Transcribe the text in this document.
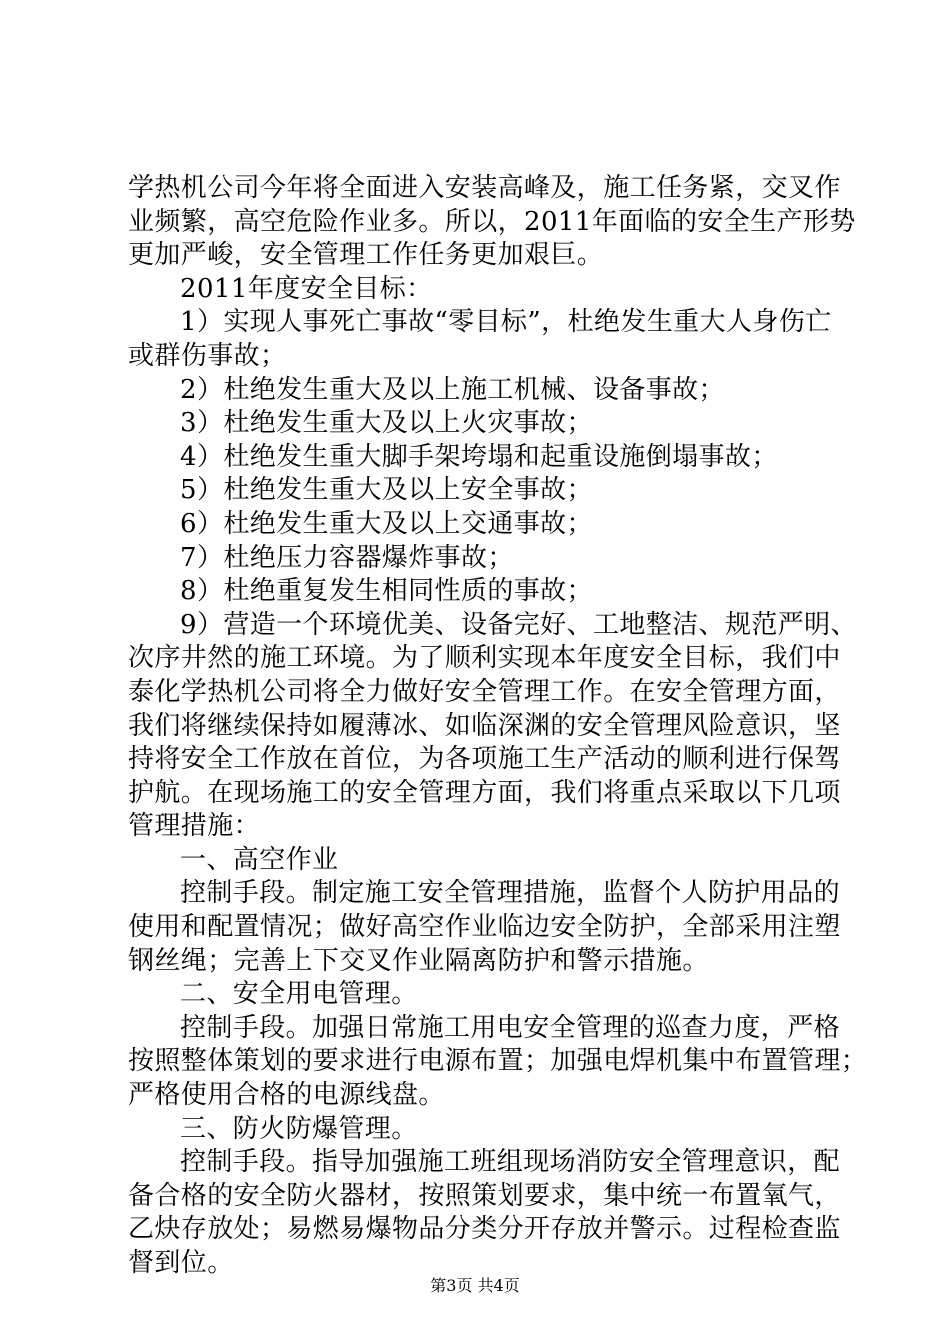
学热机公司今年将全面进入安装高峰及，施工任务紧，交叉作
业频繁，高空危险作业多。所以，2011年面临的安全生产形势
更加严峻，安全管理工作任务更加艰巨。
2011年度安全目标：
1）实现人事死亡事故“零目标”，杜绝发生重大人身伤亡
或群伤事故；
2）杜绝发生重大及以上施工机械、设备事故；
3）杜绝发生重大及以上火灾事故；
4）杜绝发生重大脚手架垮塌和起重设施倒塌事故；
5）杜绝发生重大及以上安全事故；
6）杜绝发生重大及以上交通事故；
7）杜绝压力容器爆炸事故；
8）杜绝重复发生相同性质的事故；
9）营造一个环境优美、设备完好、工地整洁、规范严明、
次序井然的施工环境。为了顺利实现本年度安全目标，我们中
泰化学热机公司将全力做好安全管理工作。在安全管理方面，
我们将继续保持如履薄冰、如临深渊的安全管理风险意识，坚
持将安全工作放在首位，为各项施工生产活动的顺利进行保驾
护航。在现场施工的安全管理方面，我们将重点采取以下几项
管理措施：
一、高空作业
控制手段。制定施工安全管理措施，监督个人防护用品的
使用和配置情况；做好高空作业临边安全防护，全部采用注塑
钢丝绳；完善上下交叉作业隔离防护和警示措施。
二、安全用电管理。
控制手段。加强日常施工用电安全管理的巡查力度，严格
按照整体策划的要求进行电源布置；加强电焊机集中布置管理；
严格使用合格的电源线盘。
三、防火防爆管理。
控制手段。指导加强施工班组现场消防安全管理意识，配
备合格的安全防火器材，按照策划要求，集中统一布置氧气，
乙炔存放处；易燃易爆物品分类分开存放并警示。过程检查监
督到位。
第3页 共4页
